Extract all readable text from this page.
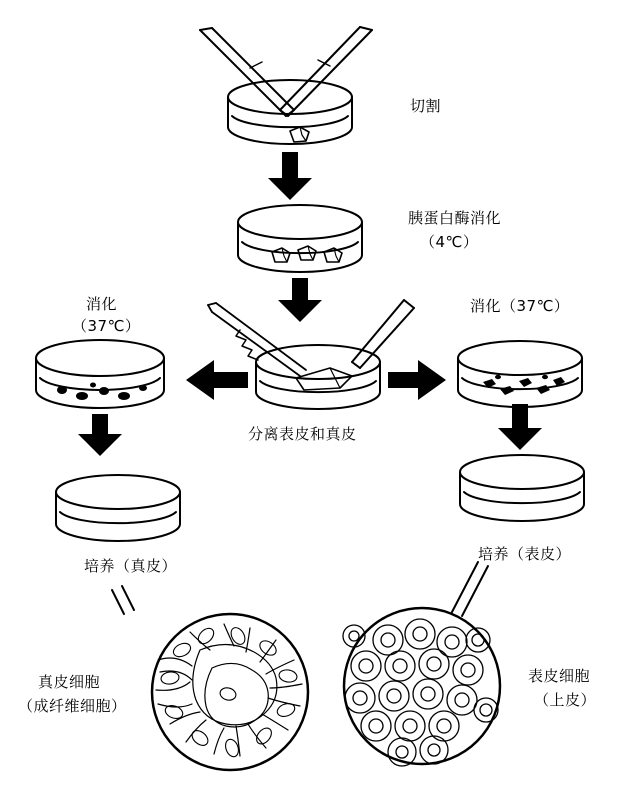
切割
胰蛋白酶消化
（4℃）
消化
（37℃）
消化（37℃）
分离表皮和真皮
培养（真皮）
培养（表皮）
真皮细胞
（成纤维细胞）
表皮细胞
（上皮）
